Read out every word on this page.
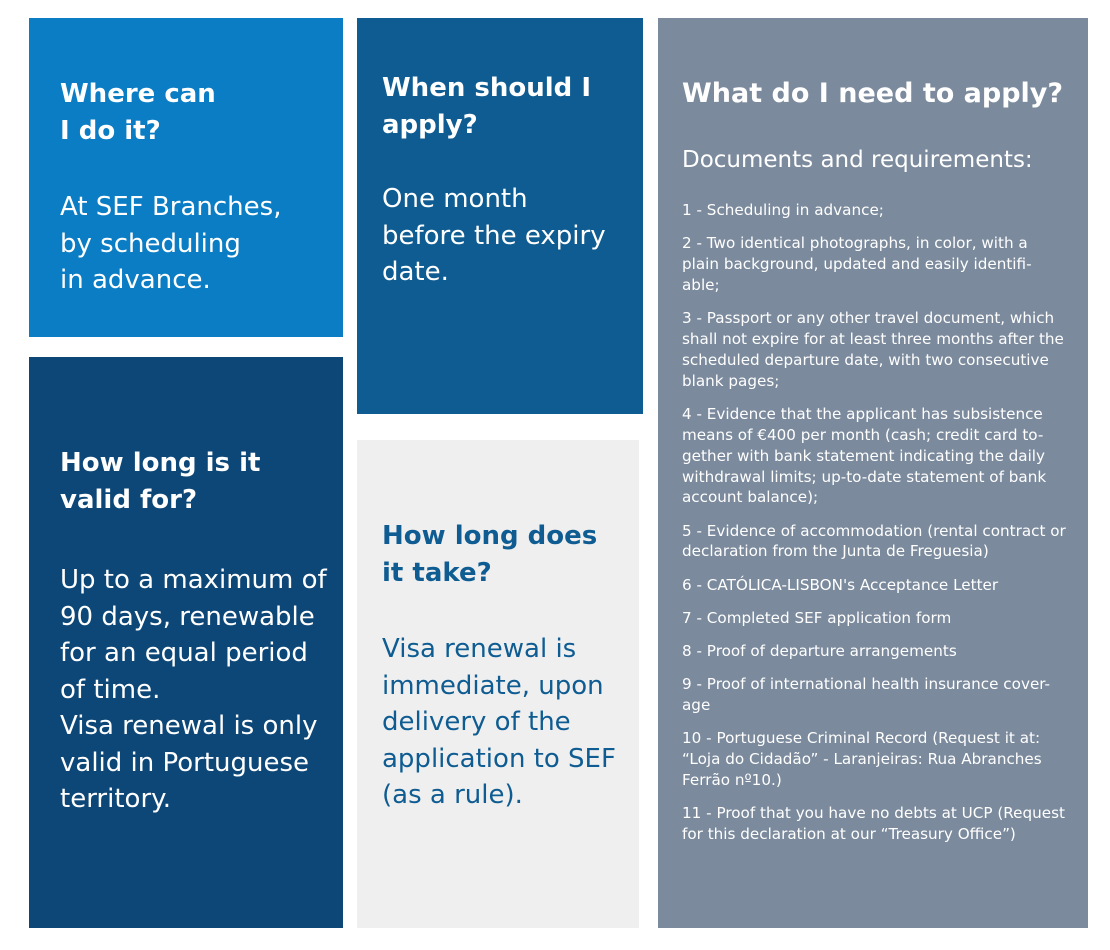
Where can
I do it?

At SEF Branches,
by scheduling
in advance.

When should I
apply?

One month
before the expiry
date.

How long is it
valid for?

Up to a maximum of
90 days, renewable
for an equal period
of time.
Visa renewal is only
valid in Portuguese
territory.

How long does
it take?

Visa renewal is
immediate, upon
delivery of the
application to SEF
(as a rule).

What do I need to apply?

Documents and requirements:

1 - Scheduling in advance;
2 - Two identical photographs, in color, with a plain background, updated and easily identifi-able;
3 - Passport or any other travel document, which shall not expire for at least three months after the scheduled departure date, with two consecutive blank pages;
4 - Evidence that the applicant has subsistence means of €400 per month (cash; credit card to-gether with bank statement indicating the daily withdrawal limits; up-to-date statement of bank account balance);
5 - Evidence of accommodation (rental contract or declaration from the Junta de Freguesia)
6 - CATÓLICA-LISBON's Acceptance Letter
7 - Completed SEF application form
8 - Proof of departure arrangements
9 - Proof of international health insurance cover-age
10 - Portuguese Criminal Record (Request it at: “Loja do Cidadão” - Laranjeiras: Rua Abranches Ferrão nº10.)
11 - Proof that you have no debts at UCP (Request for this declaration at our “Treasury Office”)
